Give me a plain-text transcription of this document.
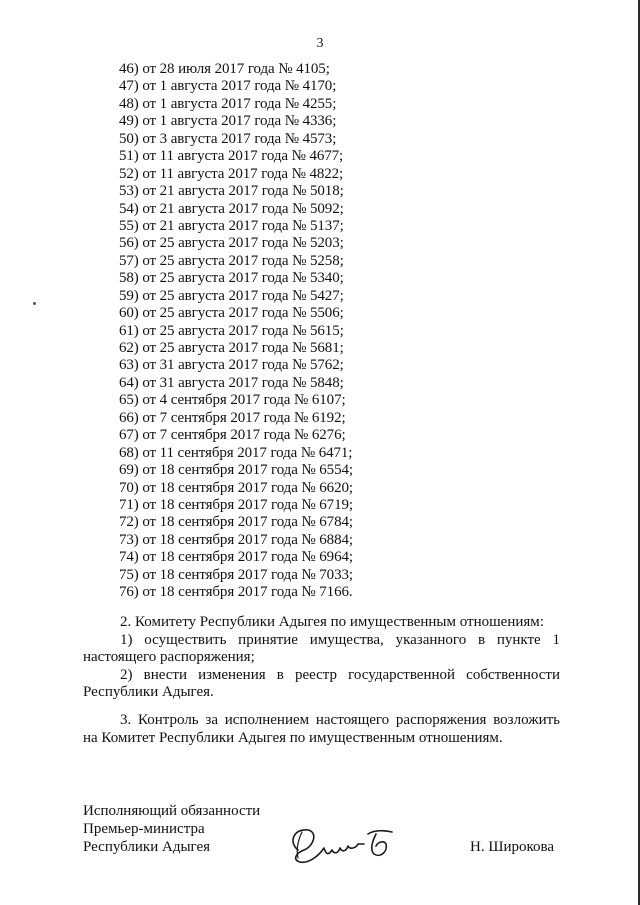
3
46) от 28 июля 2017 года № 4105;
47) от 1 августа 2017 года № 4170;
48) от 1 августа 2017 года № 4255;
49) от 1 августа 2017 года № 4336;
50) от 3 августа 2017 года № 4573;
51) от 11 августа 2017 года № 4677;
52) от 11 августа 2017 года № 4822;
53) от 21 августа 2017 года № 5018;
54) от 21 августа 2017 года № 5092;
55) от 21 августа 2017 года № 5137;
56) от 25 августа 2017 года № 5203;
57) от 25 августа 2017 года № 5258;
58) от 25 августа 2017 года № 5340;
59) от 25 августа 2017 года № 5427;
60) от 25 августа 2017 года № 5506;
61) от 25 августа 2017 года № 5615;
62) от 25 августа 2017 года № 5681;
63) от 31 августа 2017 года № 5762;
64) от 31 августа 2017 года № 5848;
65) от 4 сентября 2017 года № 6107;
66) от 7 сентября 2017 года № 6192;
67) от 7 сентября 2017 года № 6276;
68) от 11 сентября 2017 года № 6471;
69) от 18 сентября 2017 года № 6554;
70) от 18 сентября 2017 года № 6620;
71) от 18 сентября 2017 года № 6719;
72) от 18 сентября 2017 года № 6784;
73) от 18 сентября 2017 года № 6884;
74) от 18 сентября 2017 года № 6964;
75) от 18 сентября 2017 года № 7033;
76) от 18 сентября 2017 года № 7166.

2. Комитету Республики Адыгея по имущественным отношениям:

1) осуществить принятие имущества, указанного в пункте 1

настоящего распоряжения;

2) внести изменения в реестр государственной собственности

Республики Адыгея.

3. Контроль за исполнением настоящего распоряжения возложить

на Комитет Республики Адыгея по имущественным отношениям.

Исполняющий обязанности
Премьер-министра
Республики Адыгея	Н. Широкова
